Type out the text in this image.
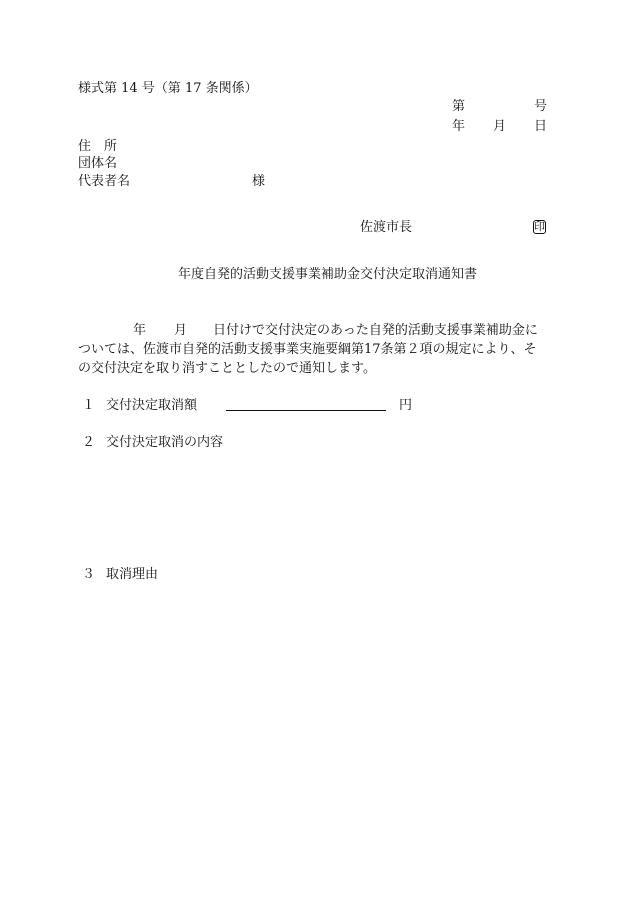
様式第 14 号（第 17 条関係）
第	号
年 月 日
住　所
団体名
代表者名	様
佐渡市長	印
年度自発的活動支援事業補助金交付決定取消通知書

年 月 日付けで交付決定のあった自発的活動支援事業補助金に

ついては、佐渡市自発的活動支援事業実施要綱第17条第２項の規定により、そ

の交付決定を取り消すこととしたので通知します。

１ 交付決定取消額	円
２ 交付決定取消の内容
３ 取消理由
